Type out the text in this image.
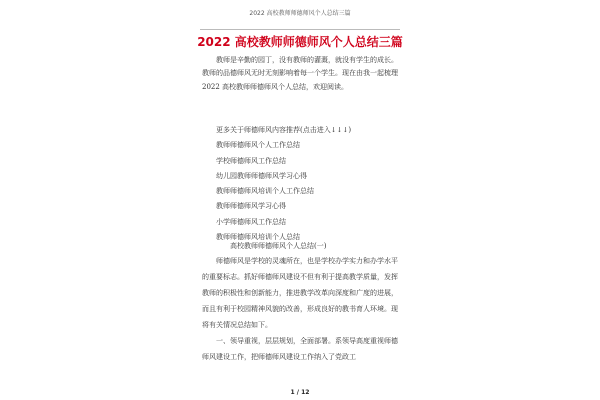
2022 高校教师师德师风个人总结三篇
2022 高校教师师德师风个人总结三篇

教师是辛勤的园丁，没有教师的灌溉，就没有学生的成长。教师的品德师风无时无刻影响着每一个学生。现在由我一起梳理 2022 高校教师师德师风个人总结，欢迎阅读。

更多关于师德师风内容推荐(点击进入↓↓↓)
教师师德师风个人工作总结
学校师德师风工作总结
幼儿园教师师德师风学习心得
教师师德师风培训个人工作总结
教师师德师风学习心得
小学师德师风工作总结
教师师德师风培训个人总结
高校教师师德师风个人总结(一)

师德师风是学校的灵魂所在，也是学校办学实力和办学水平的重要标志。抓好师德师风建设不但有利于提高教学质量，发挥教师的积极性和创新能力，推进教学改革向深度和广度的进展，而且有利于校园精神风貌的改善，形成良好的教书育人环境。现将有关情况总结如下。

一、领导重视，层层规划，全面部署。系领导高度重视师德师风建设工作，把师德师风建设工作纳入了党政工

1 / 12
